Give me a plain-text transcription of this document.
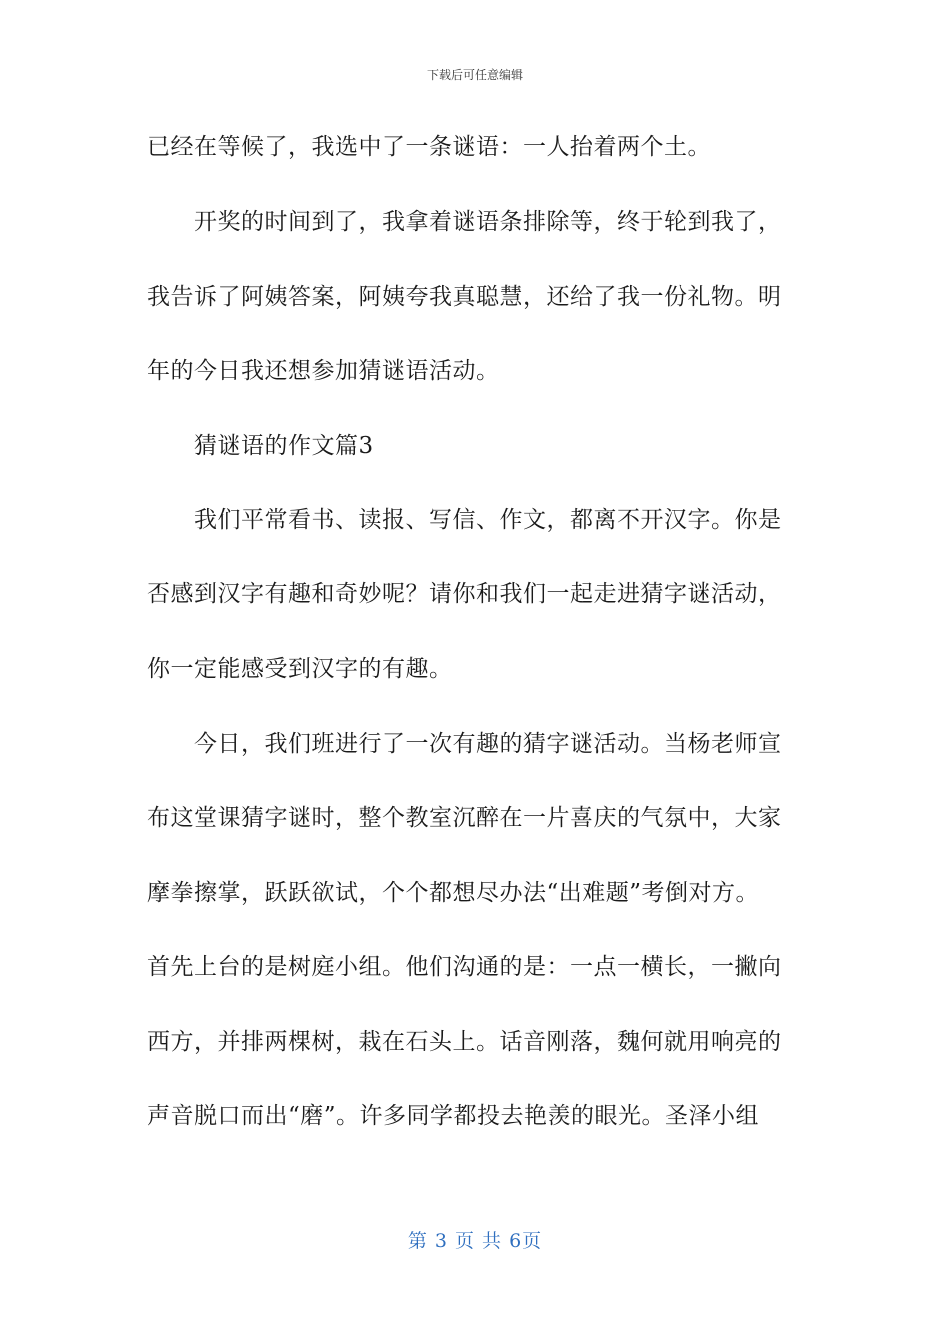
下载后可任意编辑
已经在等候了，我选中了一条谜语：一人抬着两个土。
开奖的时间到了，我拿着谜语条排除等，终于轮到我了，
我告诉了阿姨答案，阿姨夸我真聪慧，还给了我一份礼物。明
年的今日我还想参加猜谜语活动。
猜谜语的作文篇3
我们平常看书、读报、写信、作文，都离不开汉字。你是
否感到汉字有趣和奇妙呢？请你和我们一起走进猜字谜活动，
你一定能感受到汉字的有趣。
今日，我们班进行了一次有趣的猜字谜活动。当杨老师宣
布这堂课猜字谜时，整个教室沉醉在一片喜庆的气氛中，大家
摩拳擦掌，跃跃欲试，个个都想尽办法“出难题”考倒对方。
首先上台的是树庭小组。他们沟通的是：一点一横长，一撇向
西方，并排两棵树，栽在石头上。话音刚落，魏何就用响亮的
声音脱口而出“磨”。许多同学都投去艳羡的眼光。圣泽小组
第 3 页 共 6页
